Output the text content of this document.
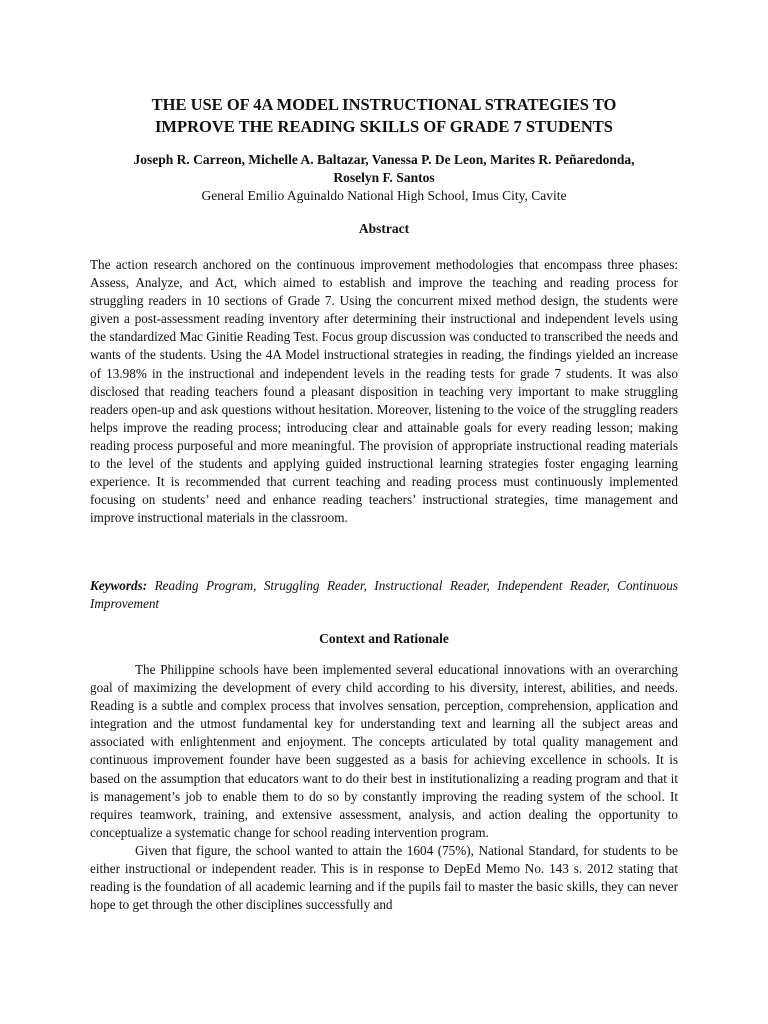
THE USE OF 4A MODEL INSTRUCTIONAL STRATEGIES TO
IMPROVE THE READING SKILLS OF GRADE 7 STUDENTS
Joseph R. Carreon, Michelle A. Baltazar, Vanessa P. De Leon, Marites R. Peñaredonda,
Roselyn F. Santos
General Emilio Aguinaldo National High School, Imus City, Cavite
Abstract

The action research anchored on the continuous improvement methodologies that encompass three phases: Assess, Analyze, and Act, which aimed to establish and improve the teaching and reading process for struggling readers in 10 sections of Grade 7. Using the concurrent mixed method design, the students were given a post-assessment reading inventory after determining their instructional and independent levels using the standardized Mac Ginitie Reading Test. Focus group discussion was conducted to transcribed the needs and wants of the students. Using the 4A Model instructional strategies in reading, the findings yielded an increase of 13.98% in the instructional and independent levels in the reading tests for grade 7 students. It was also disclosed that reading teachers found a pleasant disposition in teaching very important to make struggling readers open-up and ask questions without hesitation. Moreover, listening to the voice of the struggling readers helps improve the reading process; introducing clear and attainable goals for every reading lesson; making reading process purposeful and more meaningful. The provision of appropriate instructional reading materials to the level of the students and applying guided instructional learning strategies foster engaging learning experience. It is recommended that current teaching and reading process must continuously implemented focusing on students’ need and enhance reading teachers’ instructional strategies, time management and improve instructional materials in the classroom.

Keywords: Reading Program, Struggling Reader, Instructional Reader, Independent Reader, Continuous Improvement

Context and Rationale

The Philippine schools have been implemented several educational innovations with an overarching goal of maximizing the development of every child according to his diversity, interest, abilities, and needs. Reading is a subtle and complex process that involves sensation, perception, comprehension, application and integration and the utmost fundamental key for understanding text and learning all the subject areas and associated with enlightenment and enjoyment. The concepts articulated by total quality management and continuous improvement founder have been suggested as a basis for achieving excellence in schools. It is based on the assumption that educators want to do their best in institutionalizing a reading program and that it is management’s job to enable them to do so by constantly improving the reading system of the school. It requires teamwork, training, and extensive assessment, analysis, and action dealing the opportunity to conceptualize a systematic change for school reading intervention program.

Given that figure, the school wanted to attain the 1604 (75%), National Standard, for students to be either instructional or independent reader. This is in response to DepEd Memo No. 143 s. 2012 stating that reading is the foundation of all academic learning and if the pupils fail to master the basic skills, they can never hope to get through the other disciplines successfully and
